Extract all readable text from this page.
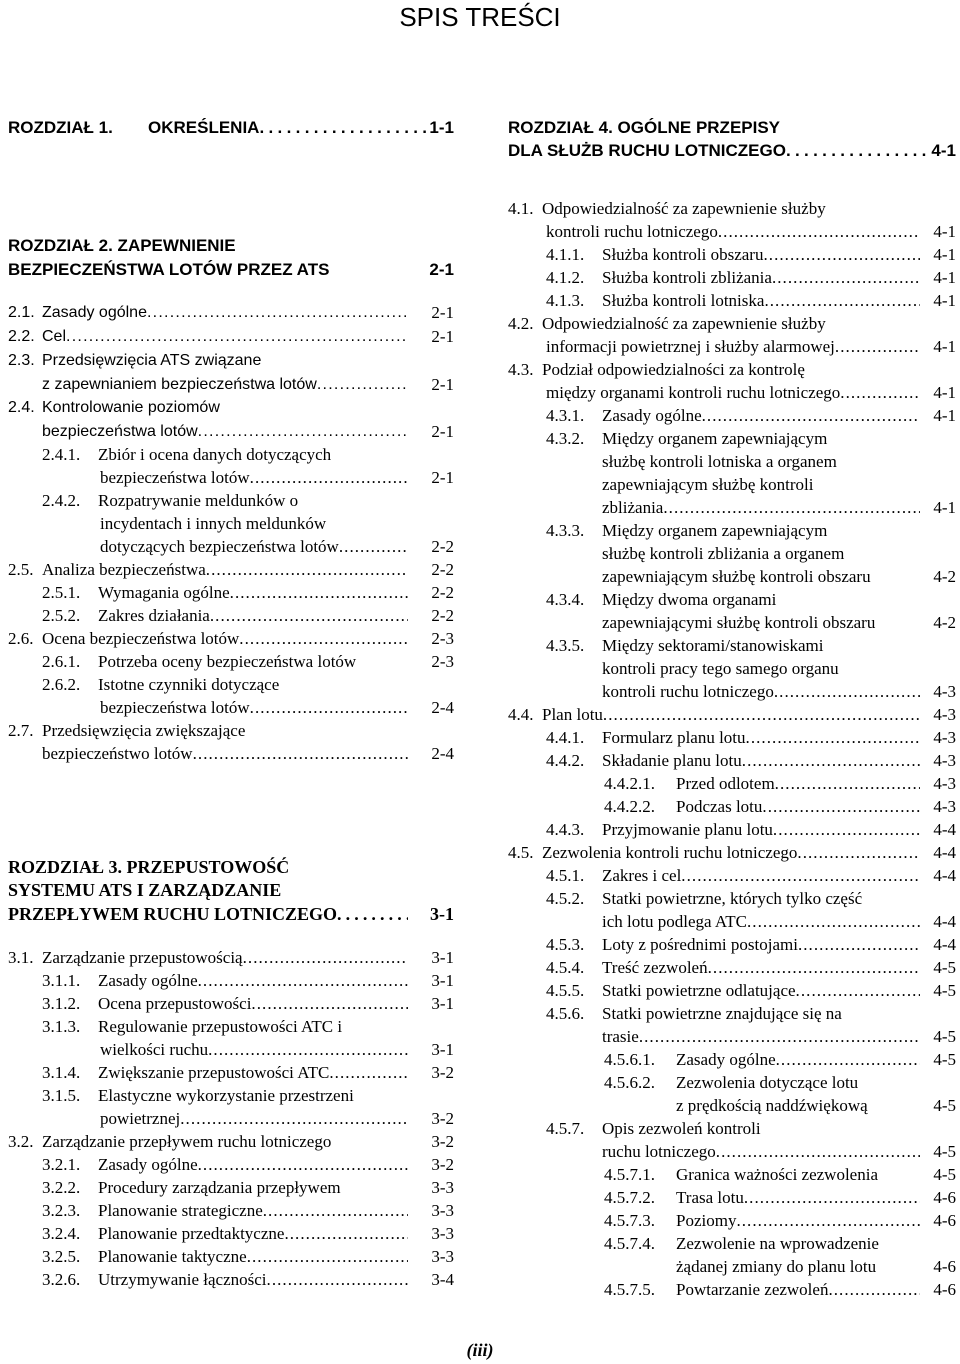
SPIS TREŚCI
ROZDZIAŁ 1.	OKREŚLENIA . . .	1-1
ROZDZIAŁ 2. ZAPEWNIENIE
BEZPIECZEŃSTWA LOTÓW PRZEZ ATS	2-1
2.1. Zasady ogólne . . .	2-1
2.2. Cel . . .	2-1
2.3. Przedsięwzięcia ATS związane
z zapewnianiem bezpieczeństwa lotów . . .	2-1
2.4. Kontrolowanie poziomów
bezpieczeństwa lotów . . .	2-1
2.4.1.	Zbiór i ocena danych dotyczących
bezpieczeństwa lotów . . .	2-1
2.4.2.	Rozpatrywanie meldunków o
incydentach i innych meldunków
dotyczących bezpieczeństwa lotów . . .	2-2
2.5. Analiza bezpieczeństwa . . .	2-2
2.5.1.	Wymagania ogólne . . .	2-2
2.5.2.	Zakres działania . . .	2-2
2.6. Ocena bezpieczeństwa lotów . . .	2-3
2.6.1.	Potrzeba oceny bezpieczeństwa lotów	2-3
2.6.2.	Istotne czynniki dotyczące
bezpieczeństwa lotów . . .	2-4
2.7. Przedsięwzięcia zwiększające
bezpieczeństwo lotów . . .	2-4
ROZDZIAŁ 3. PRZEPUSTOWOŚĆ
SYSTEMU ATS I ZARZĄDZANIE
PRZEPŁYWEM RUCHU LOTNICZEGO . . .	3-1
3.1. Zarządzanie przepustowością . . .	3-1
3.1.1.	Zasady ogólne . . .	3-1
3.1.2.	Ocena przepustowości . . .	3-1
3.1.3.	Regulowanie przepustowości ATC i
wielkości ruchu . . .	3-1
3.1.4.	Zwiększanie przepustowości ATC . . .	3-2
3.1.5.	Elastyczne wykorzystanie przestrzeni
powietrznej . . .	3-2
3.2. Zarządzanie przepływem ruchu lotniczego	3-2
3.2.1.	Zasady ogólne . . .	3-2
3.2.2.	Procedury zarządzania przepływem	3-3
3.2.3.	Planowanie strategiczne . . .	3-3
3.2.4.	Planowanie przedtaktyczne . . .	3-3
3.2.5.	Planowanie taktyczne . . .	3-3
3.2.6.	Utrzymywanie łączności . . .	3-4
ROZDZIAŁ 4. OGÓLNE PRZEPISY
DLA SŁUŻB RUCHU LOTNICZEGO . . .	4-1
4.1. Odpowiedzialność za zapewnienie służby
kontroli ruchu lotniczego . . .	4-1
4.1.1.	Służba kontroli obszaru . . .	4-1
4.1.2.	Służba kontroli zbliżania . . .	4-1
4.1.3.	Służba kontroli lotniska . . .	4-1
4.2. Odpowiedzialność za zapewnienie służby
informacji powietrznej i służby alarmowej . . .	4-1
4.3. Podział odpowiedzialności za kontrolę
między organami kontroli ruchu lotniczego . . .	4-1
4.3.1.	Zasady ogólne . . .	4-1
4.3.2.	Między organem zapewniającym
służbę kontroli lotniska a organem
zapewniającym służbę kontroli
zbliżania . . .	4-1
4.3.3.	Między organem zapewniającym
służbę kontroli zbliżania a organem
zapewniającym służbę kontroli obszaru	4-2
4.3.4.	Między dwoma organami
zapewniającymi służbę kontroli obszaru	4-2
4.3.5.	Między sektorami/stanowiskami
kontroli pracy tego samego organu
kontroli ruchu lotniczego . . .	4-3
4.4. Plan lotu . . .	4-3
4.4.1.	Formularz planu lotu . . .	4-3
4.4.2.	Składanie planu lotu . . .	4-3
4.4.2.1.	Przed odlotem . . .	4-3
4.4.2.2.	Podczas lotu . . .	4-3
4.4.3.	Przyjmowanie planu lotu . . .	4-4
4.5. Zezwolenia kontroli ruchu lotniczego . . .	4-4
4.5.1.	Zakres i cel . . .	4-4
4.5.2.	Statki powietrzne, których tylko część
ich lotu podlega ATC . . .	4-4
4.5.3.	Loty z pośrednimi postojami . . .	4-4
4.5.4.	Treść zezwoleń . . .	4-5
4.5.5.	Statki powietrzne odlatujące . . .	4-5
4.5.6.	Statki powietrzne znajdujące się na
trasie . . .	4-5
4.5.6.1.	Zasady ogólne . . .	4-5
4.5.6.2.	Zezwolenia dotyczące lotu
z prędkością naddźwiękową	4-5
4.5.7.	Opis zezwoleń kontroli
ruchu lotniczego . . .	4-5
4.5.7.1.	Granica ważności zezwolenia	4-5
4.5.7.2.	Trasa lotu . . .	4-6
4.5.7.3.	Poziomy . . .	4-6
4.5.7.4.	Zezwolenie na wprowadzenie
żądanej zmiany do planu lotu	4-6
4.5.7.5.	Powtarzanie zezwoleń . . .	4-6
(iii)
